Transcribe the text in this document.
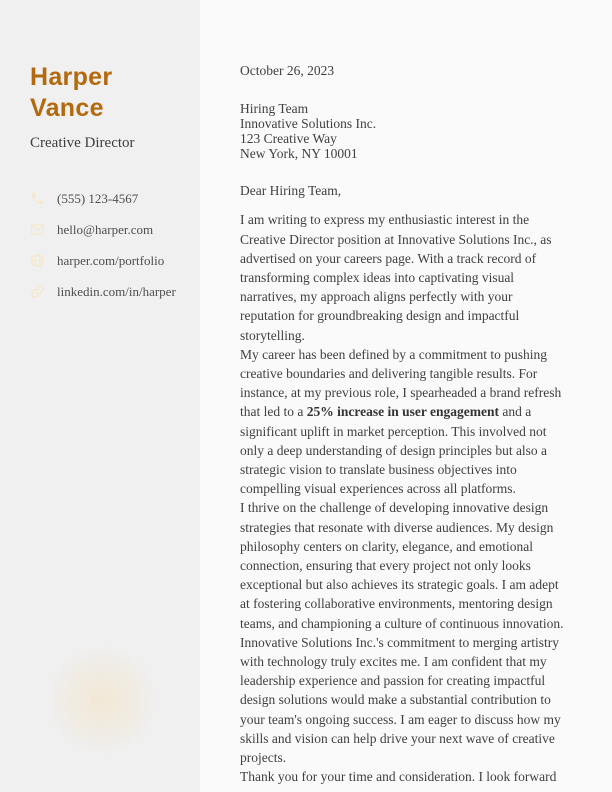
Harper Vance
Creative Director
(555) 123-4567
hello@harper.com
harper.com/portfolio
linkedin.com/in/harper
October 26, 2023
Hiring Team
Innovative Solutions Inc.
123 Creative Way
New York, NY 10001
Dear Hiring Team,

I am writing to express my enthusiastic interest in the Creative Director position at Innovative Solutions Inc., as advertised on your careers page. With a track record of transforming complex ideas into captivating visual narratives, my approach aligns perfectly with your reputation for groundbreaking design and impactful storytelling.

My career has been defined by a commitment to pushing creative boundaries and delivering tangible results. For instance, at my previous role, I spearheaded a brand refresh that led to a 25% increase in user engagement and a significant uplift in market perception. This involved not only a deep understanding of design principles but also a strategic vision to translate business objectives into compelling visual experiences across all platforms.

I thrive on the challenge of developing innovative design strategies that resonate with diverse audiences. My design philosophy centers on clarity, elegance, and emotional connection, ensuring that every project not only looks exceptional but also achieves its strategic goals. I am adept at fostering collaborative environments, mentoring design teams, and championing a culture of continuous innovation.

Innovative Solutions Inc.'s commitment to merging artistry with technology truly excites me. I am confident that my leadership experience and passion for creating impactful design solutions would make a substantial contribution to your team's ongoing success. I am eager to discuss how my skills and vision can help drive your next wave of creative projects.

Thank you for your time and consideration. I look forward
